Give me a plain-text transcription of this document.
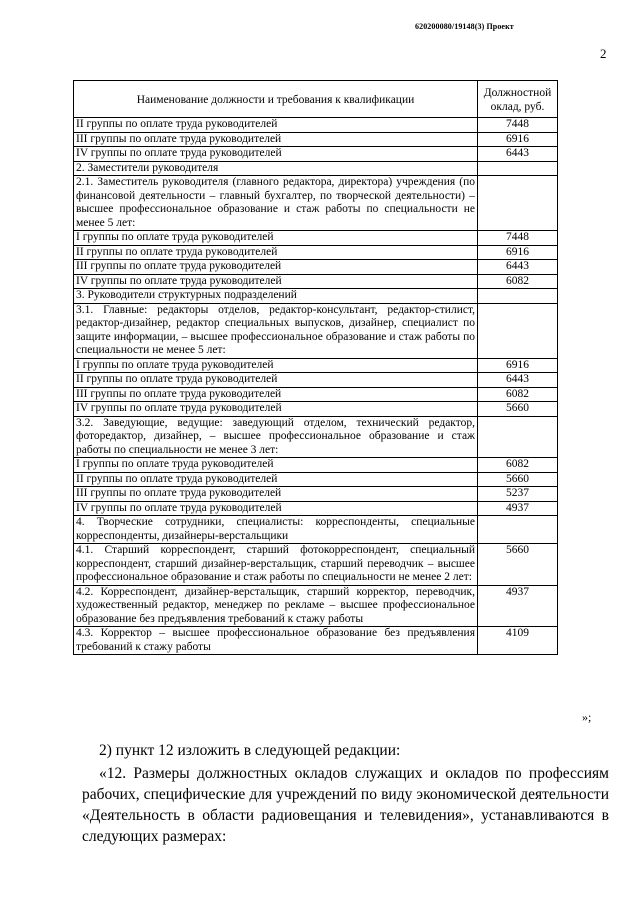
620200080/19148(3) Проект
2
Наименование должности и требования к квалификации	Должностной оклад, руб.
II группы по оплате труда руководителей	7448
III группы по оплате труда руководителей	6916
IV группы по оплате труда руководителей	6443
2. Заместители руководителя	
2.1. Заместитель руководителя (главного редактора, директора) учреждения (по финансовой деятельности – главный бухгалтер, по творческой деятельности) – высшее профессиональное образование и стаж работы по специальности не менее 5 лет:	
I группы по оплате труда руководителей	7448
II группы по оплате труда руководителей	6916
III группы по оплате труда руководителей	6443
IV группы по оплате труда руководителей	6082
3. Руководители структурных подразделений	
3.1. Главные: редакторы отделов, редактор-консультант, редактор-стилист, редактор-дизайнер, редактор специальных выпусков, дизайнер, специалист по защите информации, – высшее профессиональное образование и стаж работы по специальности не менее 5 лет:	
I группы по оплате труда руководителей	6916
II группы по оплате труда руководителей	6443
III группы по оплате труда руководителей	6082
IV группы по оплате труда руководителей	5660
3.2. Заведующие, ведущие: заведующий отделом, технический редактор, фоторедактор, дизайнер, – высшее профессиональное образование и стаж работы по специальности не менее 3 лет:	
I группы по оплате труда руководителей	6082
II группы по оплате труда руководителей	5660
III группы по оплате труда руководителей	5237
IV группы по оплате труда руководителей	4937
4. Творческие сотрудники, специалисты: корреспонденты, специальные корреспонденты, дизайнеры-верстальщики	
4.1. Старший корреспондент, старший фотокорреспондент, специальный корреспондент, старший дизайнер-верстальщик, старший переводчик – высшее профессиональное образование и стаж работы по специальности не менее 2 лет:	5660
4.2. Корреспондент, дизайнер-верстальщик, старший корректор, переводчик, художественный редактор, менеджер по рекламе – высшее профессиональное образование без предъявления требований к стажу работы	4937
4.3. Корректор – высшее профессиональное образование без предъявления требований к стажу работы	4109
»;
2) пункт 12 изложить в следующей редакции:
«12. Размеры должностных окладов служащих и окладов по профессиям рабочих, специфические для учреждений по виду экономической деятельности «Деятельность в области радиовещания и телевидения», устанавливаются в следующих размерах:
